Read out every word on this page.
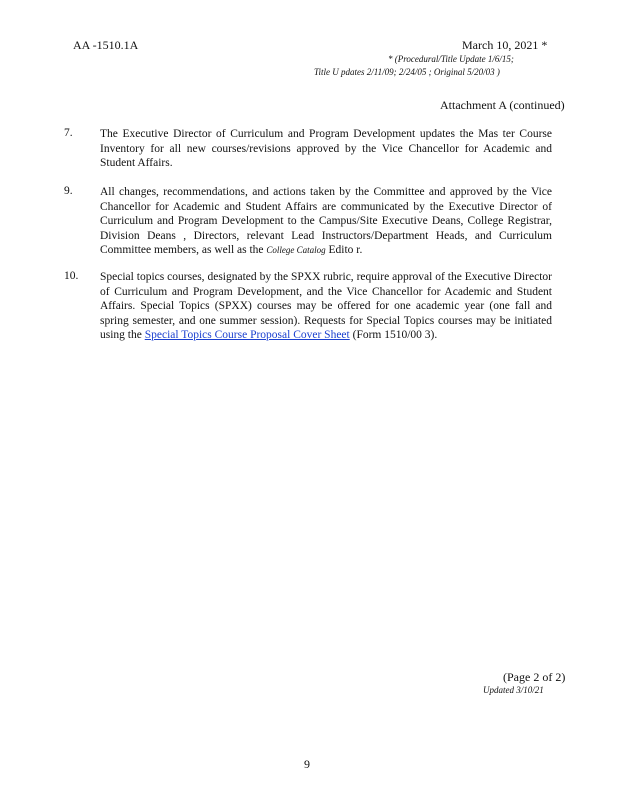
AA -1510.1A	March 10, 2021 *
* (Procedural/Title Update 1/6/15;
Title U pdates 2/11/09; 2/24/05 ; Original 5/20/03 )
Attachment A (continued)
7. The Executive Director of Curriculum and Program Development updates the Mas ter Course Inventory for all new courses/revisions approved by the Vice Chancellor for Academic and Student Affairs.
9. All changes, recommendations, and actions taken by the Committee and approved by the Vice Chancellor for Academic and Student Affairs are communicated by the Executive Director of Curriculum and Program Development to the Campus/Site Executive Deans, College Registrar, Division Deans , Directors, relevant Lead Instructors/Department Heads, and Curriculum Committee members, as well as the College Catalog Edito r.
10. Special topics courses, designated by the SPXX rubric, require approval of the Executive Director of Curriculum and Program Development, and the Vice Chancellor for Academic and Student Affairs. Special Topics (SPXX) courses may be offered for one academic year (one fall and spring semester, and one summer session). Requests for Special Topics courses may be initiated using the Special Topics Course Proposal Cover Sheet (Form 1510/00 3).
(Page 2 of 2)
Updated 3/10/21
9
